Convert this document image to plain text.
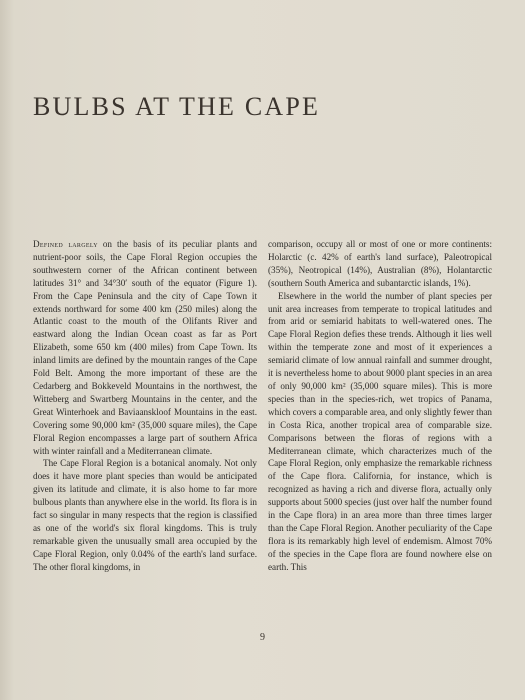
BULBS AT THE CAPE

Defined largely on the basis of its peculiar plants and nutrient-poor soils, the Cape Floral Region occupies the southwestern corner of the African continent between latitudes 31° and 34°30′ south of the equator (Figure 1). From the Cape Peninsula and the city of Cape Town it extends northward for some 400 km (250 miles) along the Atlantic coast to the mouth of the Olifants River and eastward along the Indian Ocean coast as far as Port Elizabeth, some 650 km (400 miles) from Cape Town. Its inland limits are defined by the mountain ranges of the Cape Fold Belt. Among the more important of these are the Cedarberg and Bokkeveld Mountains in the northwest, the Witteberg and Swartberg Mountains in the center, and the Great Winterhoek and Baviaanskloof Mountains in the east. Covering some 90,000 km² (35,000 square miles), the Cape Floral Region encompasses a large part of southern Africa with winter rainfall and a Mediterranean climate.

The Cape Floral Region is a botanical anomaly. Not only does it have more plant species than would be anticipated given its latitude and climate, it is also home to far more bulbous plants than anywhere else in the world. Its flora is in fact so singular in many respects that the region is classified as one of the world's six floral kingdoms. This is truly remarkable given the unusually small area occupied by the Cape Floral Region, only 0.04% of the earth's land surface. The other floral kingdoms, in

comparison, occupy all or most of one or more continents: Holarctic (c. 42% of earth's land surface), Paleotropical (35%), Neotropical (14%), Australian (8%), Holantarctic (southern South America and subantarctic islands, 1%).

Elsewhere in the world the number of plant species per unit area increases from temperate to tropical latitudes and from arid or semiarid habitats to well-watered ones. The Cape Floral Region defies these trends. Although it lies well within the temperate zone and most of it experiences a semiarid climate of low annual rainfall and summer drought, it is nevertheless home to about 9000 plant species in an area of only 90,000 km² (35,000 square miles). This is more species than in the species-rich, wet tropics of Panama, which covers a comparable area, and only slightly fewer than in Costa Rica, another tropical area of comparable size. Comparisons between the floras of regions with a Mediterranean climate, which characterizes much of the Cape Floral Region, only emphasize the remarkable richness of the Cape flora. California, for instance, which is recognized as having a rich and diverse flora, actually only supports about 5000 species (just over half the number found in the Cape flora) in an area more than three times larger than the Cape Floral Region. Another peculiarity of the Cape flora is its remarkably high level of endemism. Almost 70% of the species in the Cape flora are found nowhere else on earth. This

9
